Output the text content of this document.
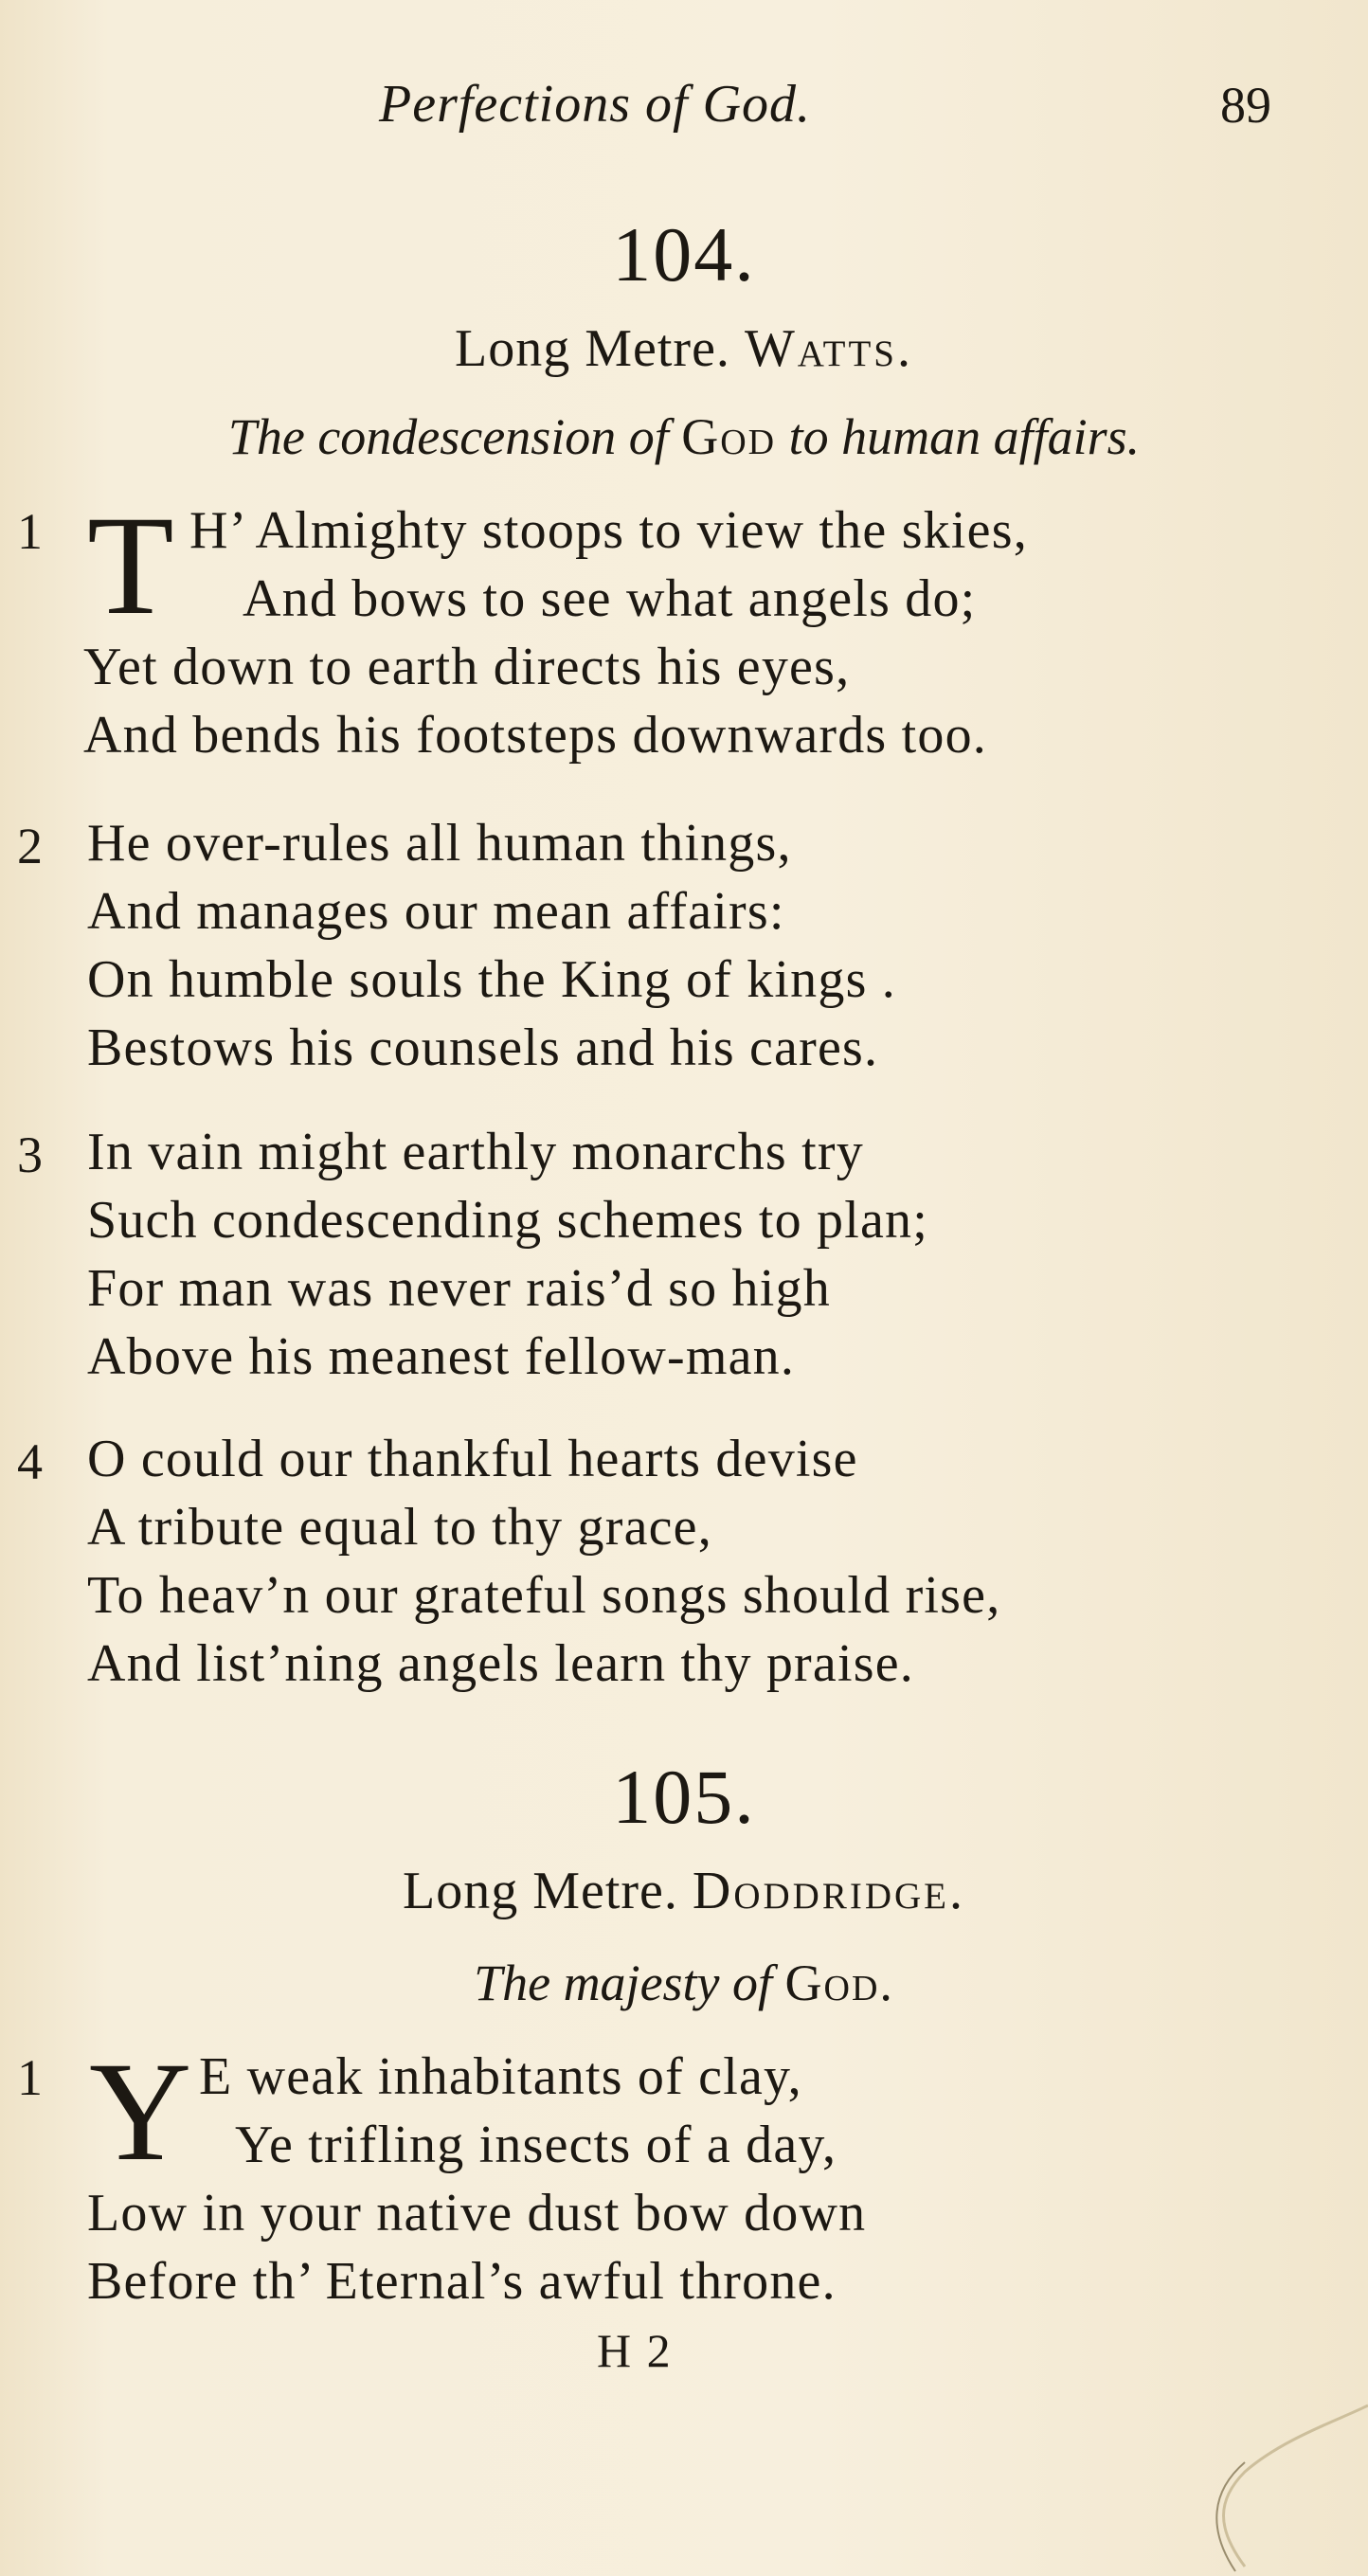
Perfections of God.	89
104.
Long Metre. Watts.
The condescension of God to human affairs.
1 T H’ Almighty stoops to view the skies,
And bows to see what angels do;
Yet down to earth directs his eyes,
And bends his footsteps downwards too.
2 He over-rules all human things,
And manages our mean affairs:
On humble souls the King of kings .
Bestows his counsels and his cares.
3 In vain might earthly monarchs try
Such condescending schemes to plan;
For man was never rais’d so high
Above his meanest fellow-man.
4 O could our thankful hearts devise
A tribute equal to thy grace,
To heav’n our grateful songs should rise,
And list’ning angels learn thy praise.
105.
Long Metre. Doddridge.
The majesty of God.
1 Y E weak inhabitants of clay,
Ye trifling insects of a day,
Low in your native dust bow down
Before th’ Eternal’s awful throne.
H 2
